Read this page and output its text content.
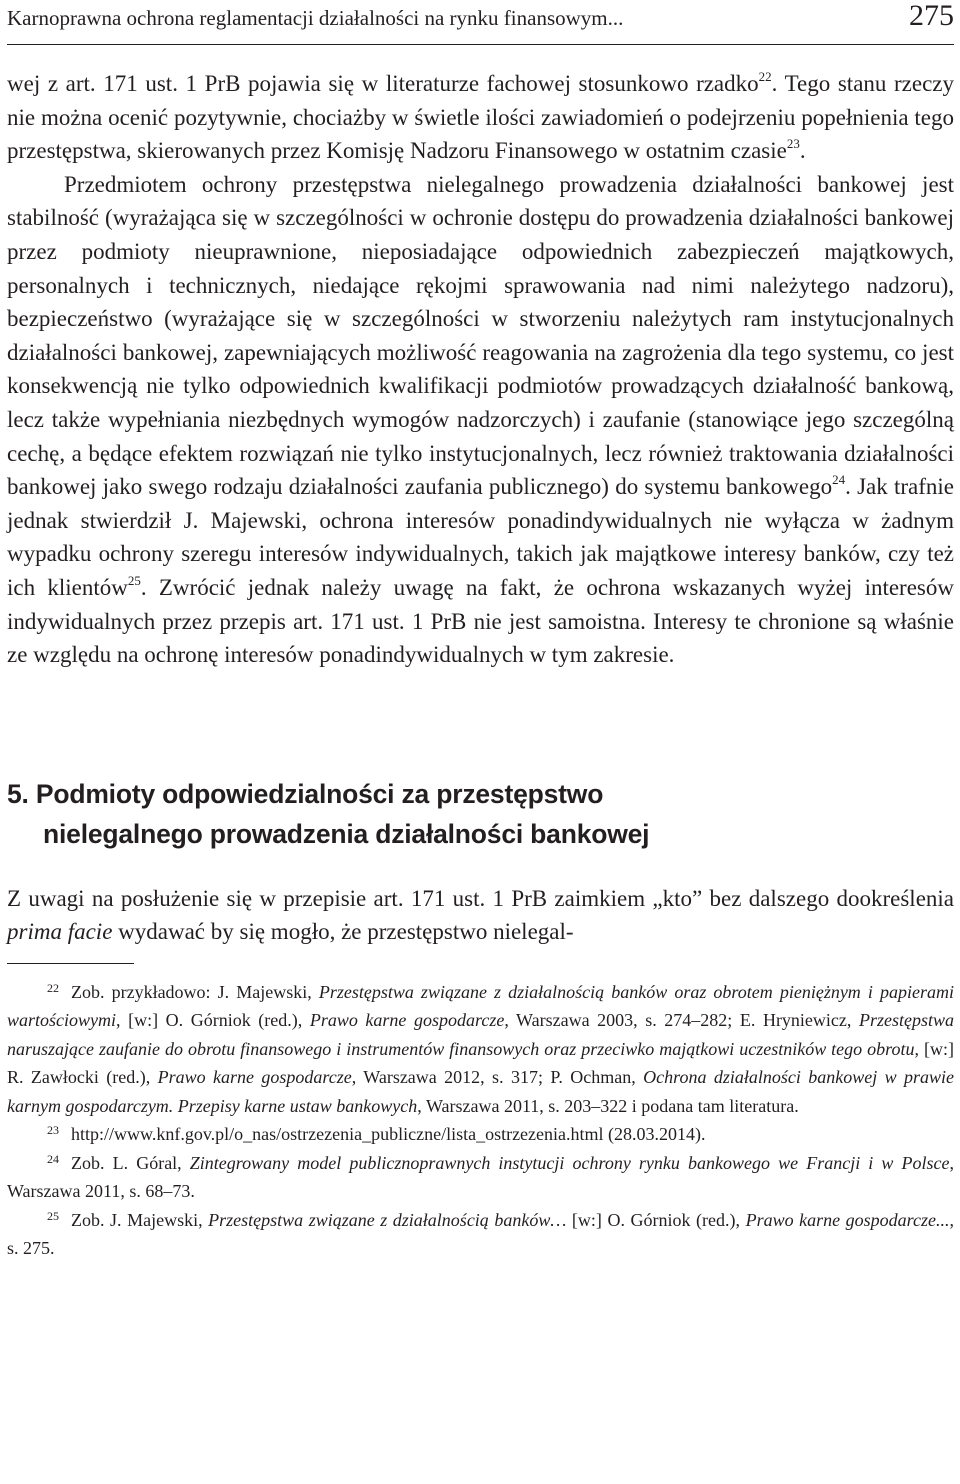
Karnoprawna ochrona reglamentacji działalności na rynku finansowym...	275

wej z art. 171 ust. 1 PrB pojawia się w literaturze fachowej stosunkowo rzadko$^{22}$. Tego stanu rzeczy nie można ocenić pozytywnie, chociażby w świetle ilości zawiadomień o podejrzeniu popełnienia tego przestępstwa, skierowanych przez Komisję Nadzoru Finansowego w ostatnim czasie$^{23}$.

Przedmiotem ochrony przestępstwa nielegalnego prowadzenia działalności bankowej jest stabilność (wyrażająca się w szczególności w ochronie dostępu do prowadzenia działalności bankowej przez podmioty nieuprawnione, nieposiadające odpowiednich zabezpieczeń majątkowych, personalnych i technicznych, niedające rękojmi sprawowania nad nimi należytego nadzoru), bezpieczeństwo (wyrażające się w szczególności w stworzeniu należytych ram instytucjonalnych działalności bankowej, zapewniających możliwość reagowania na zagrożenia dla tego systemu, co jest konsekwencją nie tylko odpowiednich kwalifikacji podmiotów prowadzących działalność bankową, lecz także wypełniania niezbędnych wymogów nadzorczych) i zaufanie (stanowiące jego szczególną cechę, a będące efektem rozwiązań nie tylko instytucjonalnych, lecz również traktowania działalności bankowej jako swego rodzaju działalności zaufania publicznego) do systemu bankowego$^{24}$. Jak trafnie jednak stwierdził J. Majewski, ochrona interesów ponadindywidualnych nie wyłącza w żadnym wypadku ochrony szeregu interesów indywidualnych, takich jak majątkowe interesy banków, czy też ich klientów$^{25}$. Zwrócić jednak należy uwagę na fakt, że ochrona wskazanych wyżej interesów indywidualnych przez przepis art. 171 ust. 1 PrB nie jest samoistna. Interesy te chronione są właśnie ze względu na ochronę interesów ponadindywidualnych w tym zakresie.

5. Podmioty odpowiedzialności za przestępstwo
nielegalnego prowadzenia działalności bankowej

Z uwagi na posłużenie się w przepisie art. 171 ust. 1 PrB zaimkiem „kto” bez dalszego dookreślenia prima facie wydawać by się mogło, że przestępstwo nielegal-

$^{22}$ Zob. przykładowo: J. Majewski, Przestępstwa związane z działalnością banków oraz obrotem pieniężnym i papierami wartościowymi, [w:] O. Górniok (red.), Prawo karne gospodarcze, Warszawa 2003, s. 274–282; E. Hryniewicz, Przestępstwa naruszające zaufanie do obrotu finansowego i instrumentów finansowych oraz przeciwko majątkowi uczestników tego obrotu, [w:] R. Zawłocki (red.), Prawo karne gospodarcze, Warszawa 2012, s. 317; P. Ochman, Ochrona działalności bankowej w prawie karnym gospodarczym. Przepisy karne ustaw bankowych, Warszawa 2011, s. 203–322 i podana tam literatura.

$^{23}$ http://www.knf.gov.pl/o_nas/ostrzezenia_publiczne/lista_ostrzezenia.html (28.03.2014).

$^{24}$ Zob. L. Góral, Zintegrowany model publicznoprawnych instytucji ochrony rynku bankowego we Francji i w Polsce, Warszawa 2011, s. 68–73.

$^{25}$ Zob. J. Majewski, Przestępstwa związane z działalnością banków… [w:] O. Górniok (red.), Prawo karne gospodarcze..., s. 275.
